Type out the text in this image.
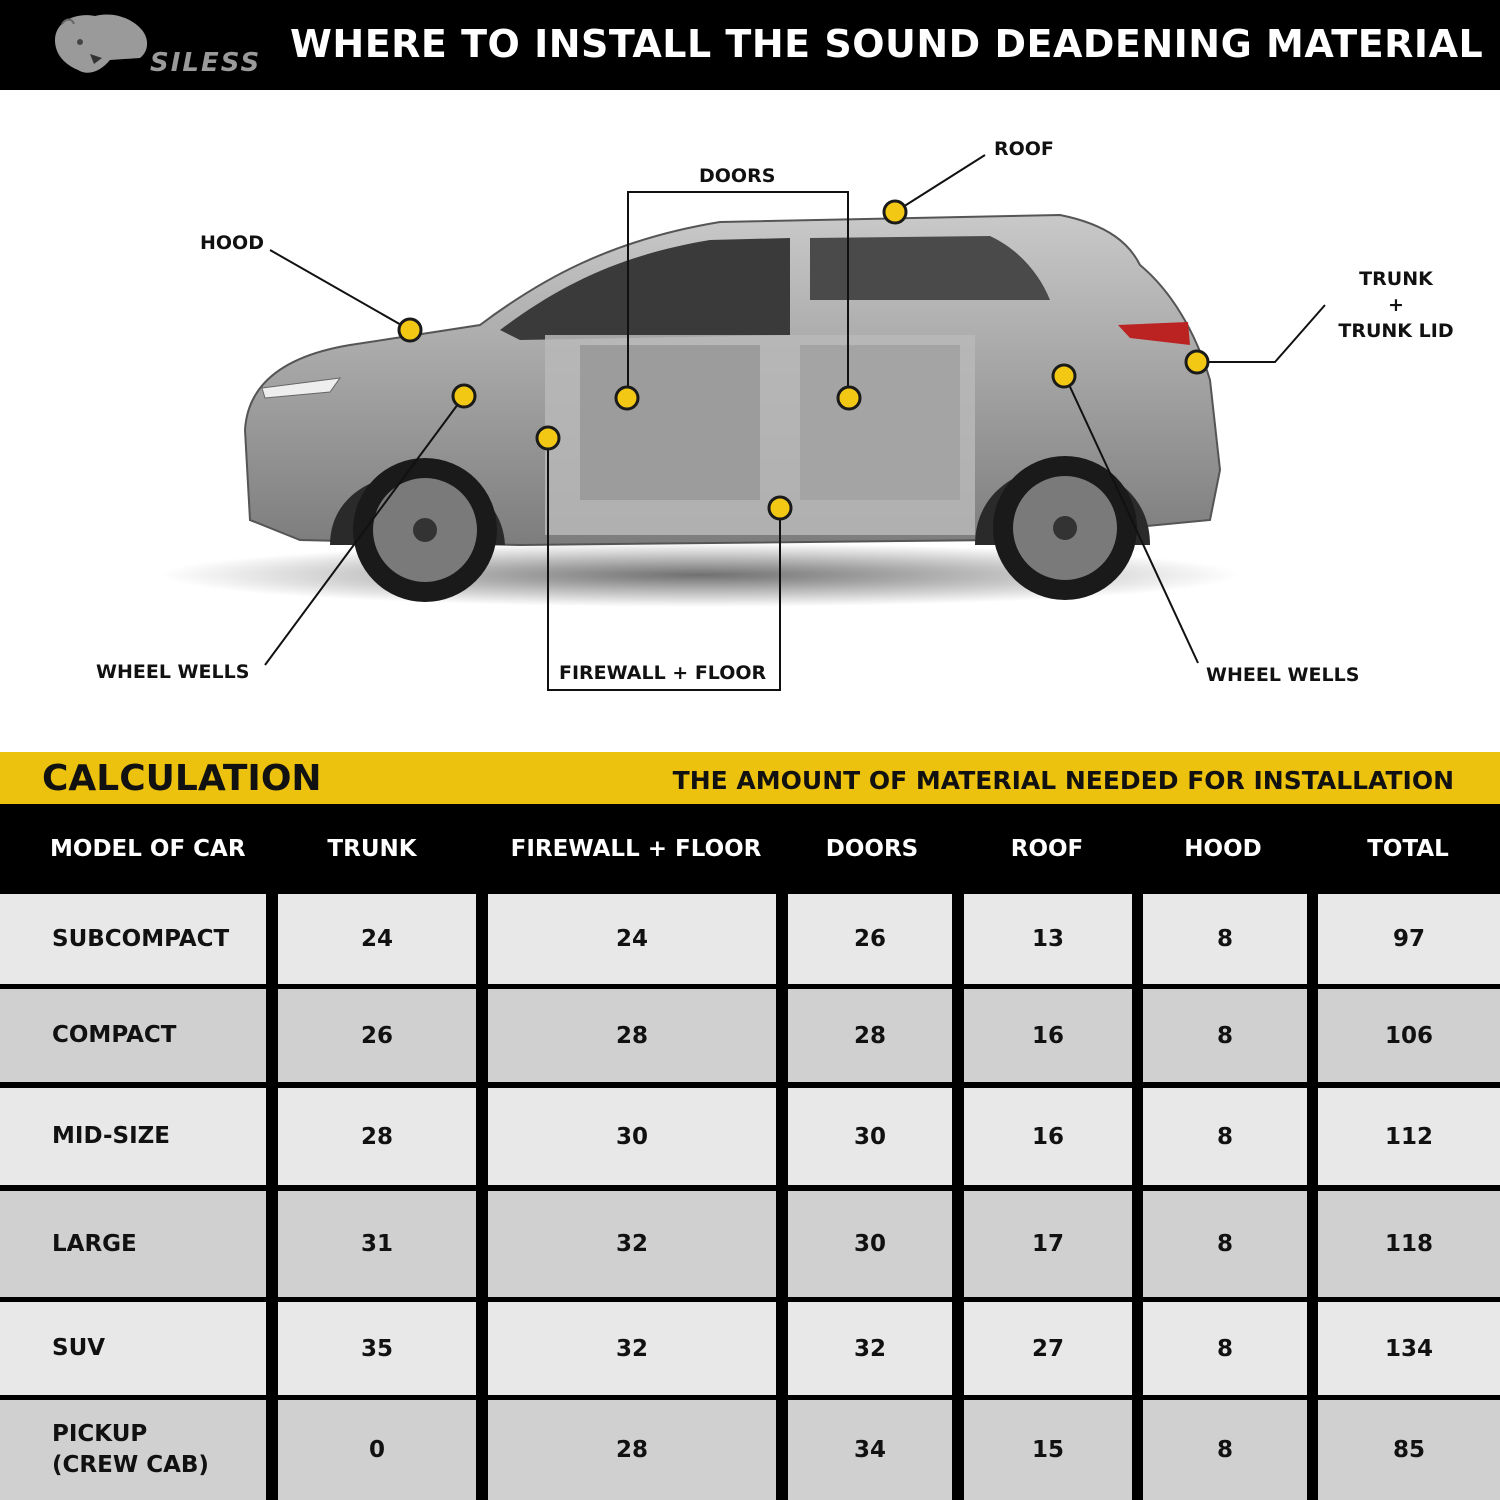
SILESS WHERE TO INSTALL THE SOUND DEADENING MATERIAL
HOOD
DOORS
ROOF
TRUNK
+
TRUNK LID
WHEEL WELLS	FIREWALL + FLOOR	WHEEL WELLS
CALCULATION	THE AMOUNT OF MATERIAL NEEDED FOR INSTALLATION
MODEL OF CAR	TRUNK	FIREWALL + FLOOR	DOORS	ROOF	HOOD	TOTAL
SUBCOMPACT	24	24	26	13	8	97
COMPACT	26	28	28	16	8	106
MID-SIZE	28	30	30	16	8	112
LARGE	31	32	30	17	8	118
SUV	35	32	32	27	8	134
PICKUP
(CREW CAB)
0	28	34	15	8	85
